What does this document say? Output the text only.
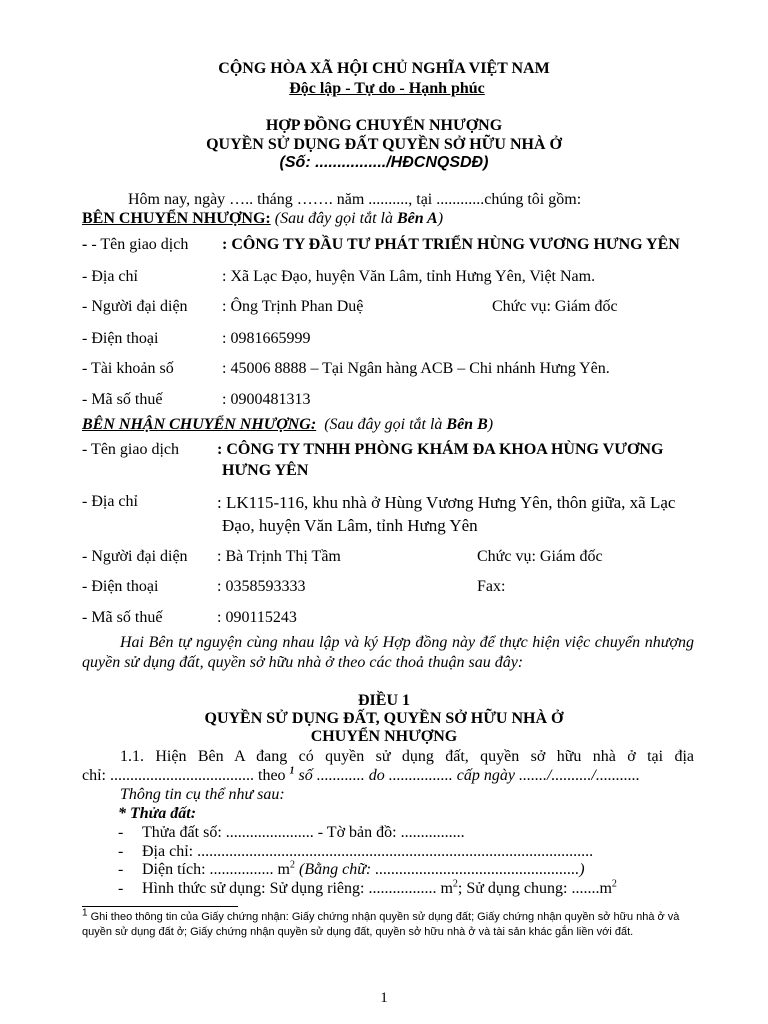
CỘNG HÒA XÃ HỘI CHỦ NGHĨA VIỆT NAM
Độc lập - Tự do - Hạnh phúc
HỢP ĐỒNG CHUYỂN NHƯỢNG
QUYỀN SỬ DỤNG ĐẤT QUYỀN SỞ HỮU NHÀ Ở
(Số: ................/HĐCNQSDĐ)
Hôm nay, ngày ….. tháng ……. năm .........., tại ............chúng tôi gồm:
BÊN CHUYỂN NHƯỢNG: (Sau đây gọi tắt là Bên A)
- - Tên giao dịch : CÔNG TY ĐẦU TƯ PHÁT TRIỂN HÙNG VƯƠNG HƯNG YÊN
- Địa chỉ	: Xã Lạc Đạo, huyện Văn Lâm, tỉnh Hưng Yên, Việt Nam.
- Người đại diện : Ông Trịnh Phan Duệ	Chức vụ: Giám đốc
- Điện thoại	: 0981665999
- Tài khoản số	: 45006 8888 – Tại Ngân hàng ACB – Chi nhánh Hưng Yên.
- Mã số thuế	: 0900481313
BÊN NHẬN CHUYỂN NHƯỢNG: (Sau đây gọi tắt là Bên B)
- Tên giao dịch : CÔNG TY TNHH PHÒNG KHÁM ĐA KHOA HÙNG VƯƠNG
HƯNG YÊN
- Địa chỉ	: LK115-116, khu nhà ở Hùng Vương Hưng Yên, thôn giữa, xã Lạc
Đạo, huyện Văn Lâm, tỉnh Hưng Yên
- Người đại diện : Bà Trịnh Thị Tầm	Chức vụ: Giám đốc
- Điện thoại	: 0358593333	Fax:
- Mã số thuế	: 090115243
Hai Bên tự nguyện cùng nhau lập và ký Hợp đồng này để thực hiện việc chuyển nhượng quyền sử dụng đất, quyền sở hữu nhà ở theo các thoả thuận sau đây:
ĐIỀU 1
QUYỀN SỬ DỤNG ĐẤT, QUYỀN SỞ HỮU NHÀ Ở
CHUYỂN NHƯỢNG
1.1. Hiện Bên A đang có quyền sử dụng đất, quyền sở hữu nhà ở tại địa
chỉ: .................................... theo $^1$ số ............ do ................ cấp ngày ......./........../...........
Thông tin cụ thể như sau:
* Thửa đất:
-	Thửa đất số: ...................... - Tờ bản đồ: ................
-	Địa chỉ: ...................................................................................................
-	Diện tích: ................ $m^2$ (Bằng chữ: ...................................................)
-	Hình thức sử dụng: Sử dụng riêng: ................. $m^2$; Sử dụng chung: $.......m^2$
$^1$ Ghi theo thông tin của Giấy chứng nhận: Giấy chứng nhận quyền sử dụng đất; Giấy chứng nhận quyền sở hữu nhà ở và quyền sử dụng đất ở; Giấy chứng nhận quyền sử dụng đất, quyền sở hữu nhà ở và tài sản khác gắn liền với đất.
1
